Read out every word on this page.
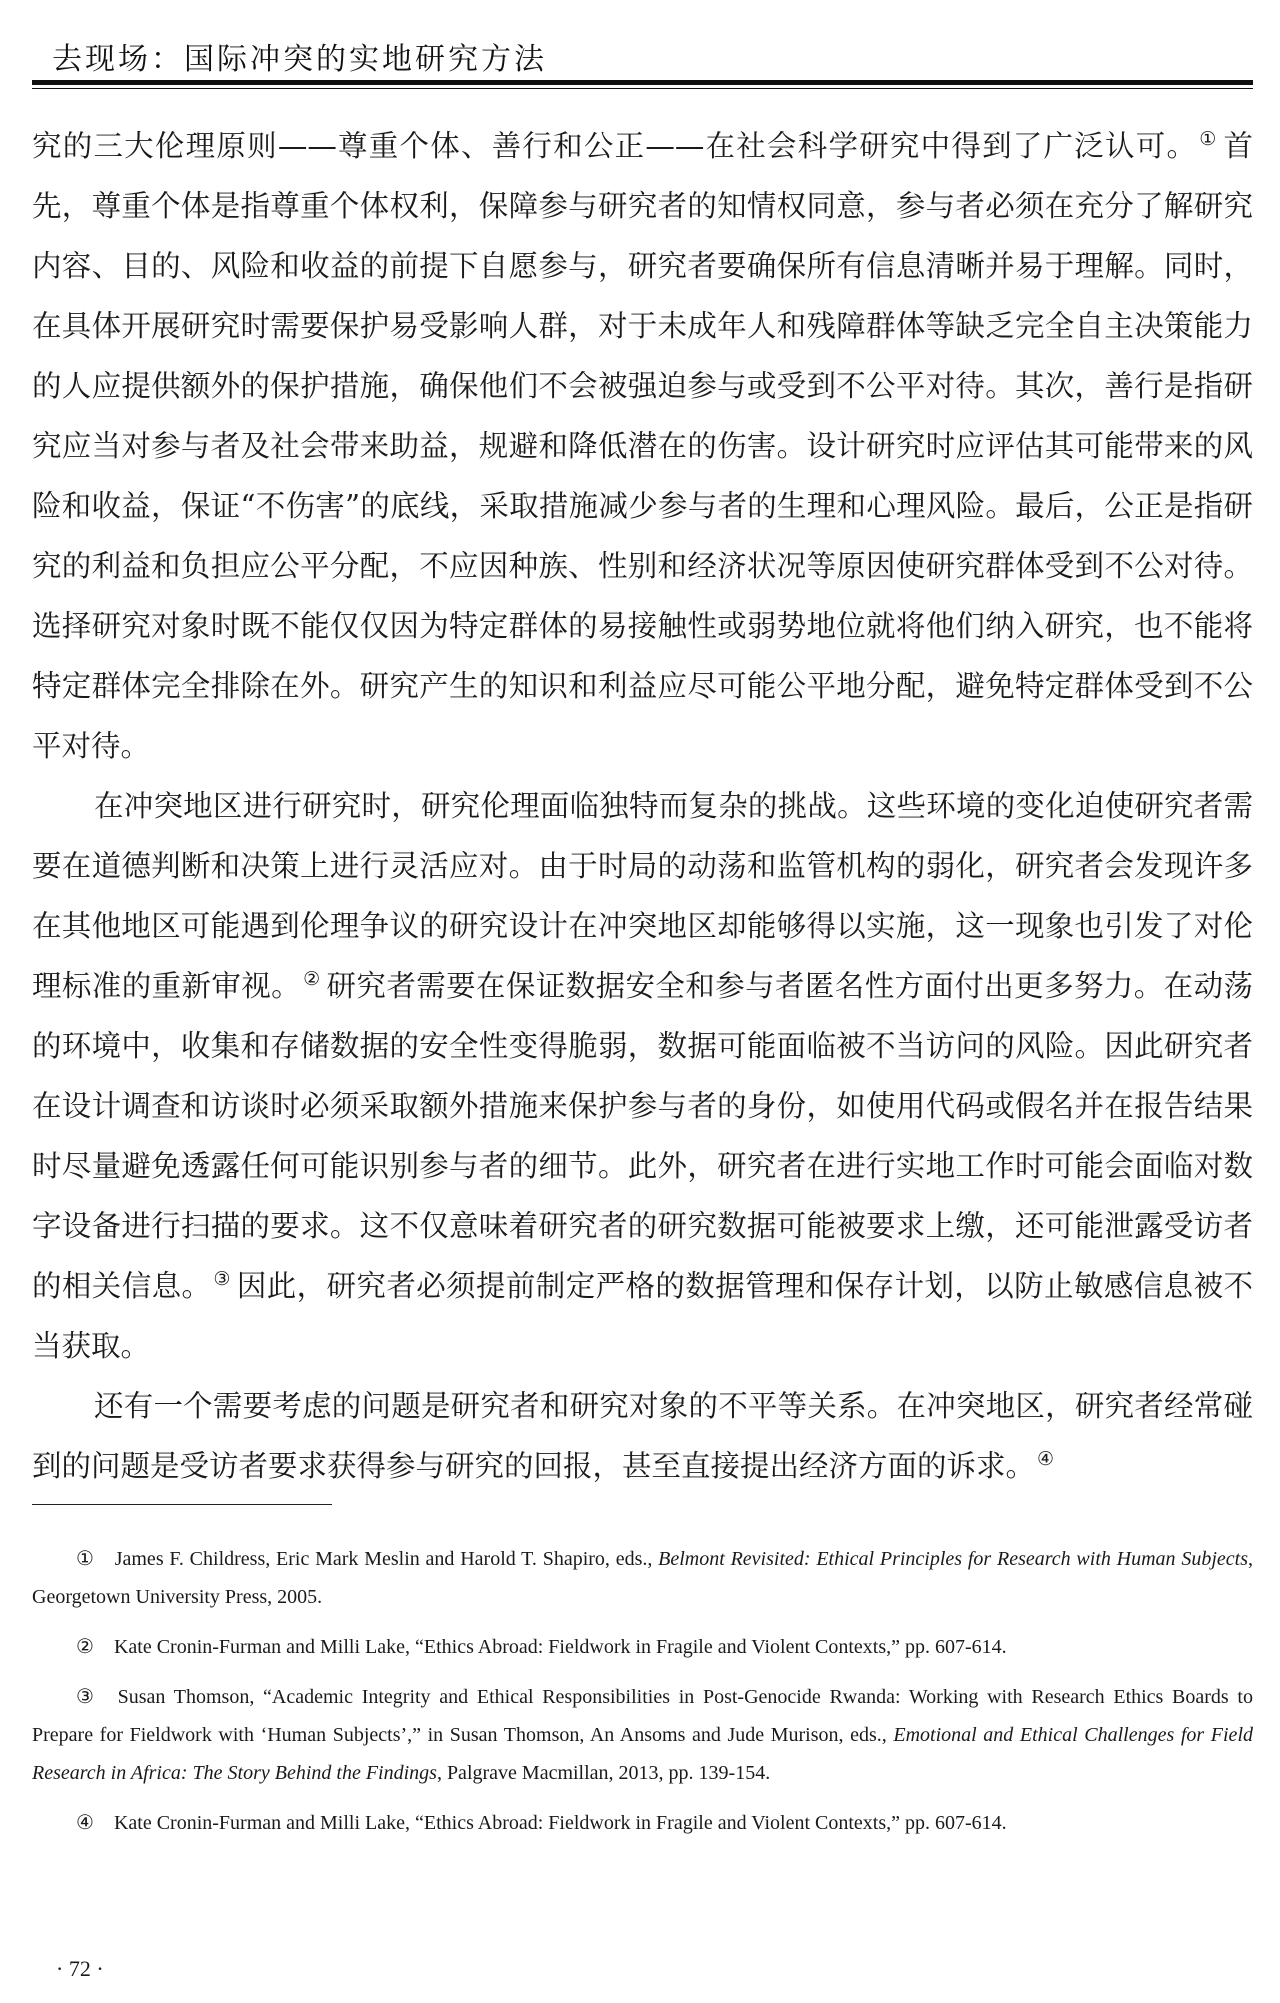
去现场：国际冲突的实地研究方法

究的三大伦理原则——尊重个体、善行和公正——在社会科学研究中得到了广泛认可。 ① 首先，尊重个体是指尊重个体权利，保障参与研究者的知情权同意，参与者必须在充分了解研究内容、目的、风险和收益的前提下自愿参与，研究者要确保所有信息清晰并易于理解。同时，在具体开展研究时需要保护易受影响人群，对于未成年人和残障群体等缺乏完全自主决策能力的人应提供额外的保护措施，确保他们不会被强迫参与或受到不公平对待。其次，善行是指研究应当对参与者及社会带来助益，规避和降低潜在的伤害。设计研究时应评估其可能带来的风险和收益，保证“不伤害”的底线，采取措施减少参与者的生理和心理风险。最后，公正是指研究的利益和负担应公平分配，不应因种族、性别和经济状况等原因使研究群体受到不公对待。选择研究对象时既不能仅仅因为特定群体的易接触性或弱势地位就将他们纳入研究，也不能将特定群体完全排除在外。研究产生的知识和利益应尽可能公平地分配，避免特定群体受到不公平对待。

在冲突地区进行研究时，研究伦理面临独特而复杂的挑战。这些环境的变化迫使研究者需要在道德判断和决策上进行灵活应对。由于时局的动荡和监管机构的弱化，研究者会发现许多在其他地区可能遇到伦理争议的研究设计在冲突地区却能够得以实施，这一现象也引发了对伦理标准的重新审视。 ② 研究者需要在保证数据安全和参与者匿名性方面付出更多努力。在动荡的环境中，收集和存储数据的安全性变得脆弱，数据可能面临被不当访问的风险。因此研究者在设计调查和访谈时必须采取额外措施来保护参与者的身份，如使用代码或假名并在报告结果时尽量避免透露任何可能识别参与者的细节。此外，研究者在进行实地工作时可能会面临对数字设备进行扫描的要求。这不仅意味着研究者的研究数据可能被要求上缴，还可能泄露受访者的相关信息。 ③ 因此，研究者必须提前制定严格的数据管理和保存计划，以防止敏感信息被不当获取。

还有一个需要考虑的问题是研究者和研究对象的不平等关系。在冲突地区，研究者经常碰到的问题是受访者要求获得参与研究的回报，甚至直接提出经济方面的诉求。 ④

① James F. Childress, Eric Mark Meslin and Harold T. Shapiro, eds., Belmont Revisited: Ethical Principles for Research with Human Subjects, Georgetown University Press, 2005.

② Kate Cronin-Furman and Milli Lake, “Ethics Abroad: Fieldwork in Fragile and Violent Contexts,” pp. 607-614.

③ Susan Thomson, “Academic Integrity and Ethical Responsibilities in Post-Genocide Rwanda: Working with Research Ethics Boards to Prepare for Fieldwork with ‘Human Subjects’,” in Susan Thomson, An Ansoms and Jude Murison, eds., Emotional and Ethical Challenges for Field Research in Africa: The Story Behind the Findings, Palgrave Macmillan, 2013, pp. 139-154.

④ Kate Cronin-Furman and Milli Lake, “Ethics Abroad: Fieldwork in Fragile and Violent Contexts,” pp. 607-614.

· 72 ·
